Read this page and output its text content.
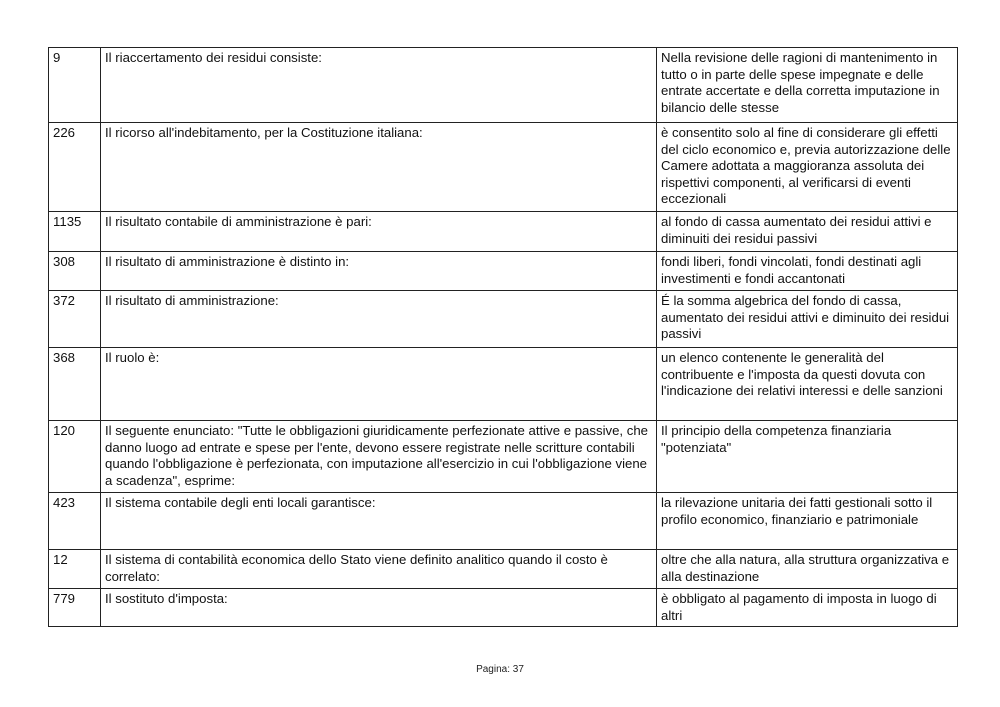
9	Il riaccertamento dei residui consiste:	Nella revisione delle ragioni di mantenimento in tutto o in parte delle spese impegnate e delle entrate accertate e della corretta imputazione in bilancio delle stesse
226	Il ricorso all'indebitamento, per la Costituzione italiana:	è consentito solo al fine di considerare gli effetti del ciclo economico e, previa autorizzazione delle Camere adottata a maggioranza assoluta dei rispettivi componenti, al verificarsi di eventi eccezionali
1135	Il risultato contabile di amministrazione è pari:	al fondo di cassa aumentato dei residui attivi e diminuiti dei residui passivi
308	Il risultato di amministrazione è distinto in:	fondi liberi, fondi vincolati, fondi destinati agli investimenti e fondi accantonati
372	Il risultato di amministrazione:	É la somma algebrica del fondo di cassa, aumentato dei residui attivi e diminuito dei residui passivi
368	Il ruolo è:	un elenco contenente le generalità del contribuente e l'imposta da questi dovuta con l'indicazione dei relativi interessi e delle sanzioni
120	Il seguente enunciato: "Tutte le obbligazioni giuridicamente perfezionate attive e passive, che danno luogo ad entrate e spese per l'ente, devono essere registrate nelle scritture contabili quando l'obbligazione è perfezionata, con imputazione all'esercizio in cui l'obbligazione viene a scadenza", esprime:	Il principio della competenza finanziaria "potenziata"
423	Il sistema contabile degli enti locali garantisce:	la rilevazione unitaria dei fatti gestionali sotto il profilo economico, finanziario e patrimoniale
12	Il sistema di contabilità economica dello Stato viene definito analitico quando il costo è correlato:	oltre che alla natura, alla struttura organizzativa e alla destinazione
779	Il sostituto d'imposta:	è obbligato al pagamento di imposta in luogo di altri
Pagina: 37
